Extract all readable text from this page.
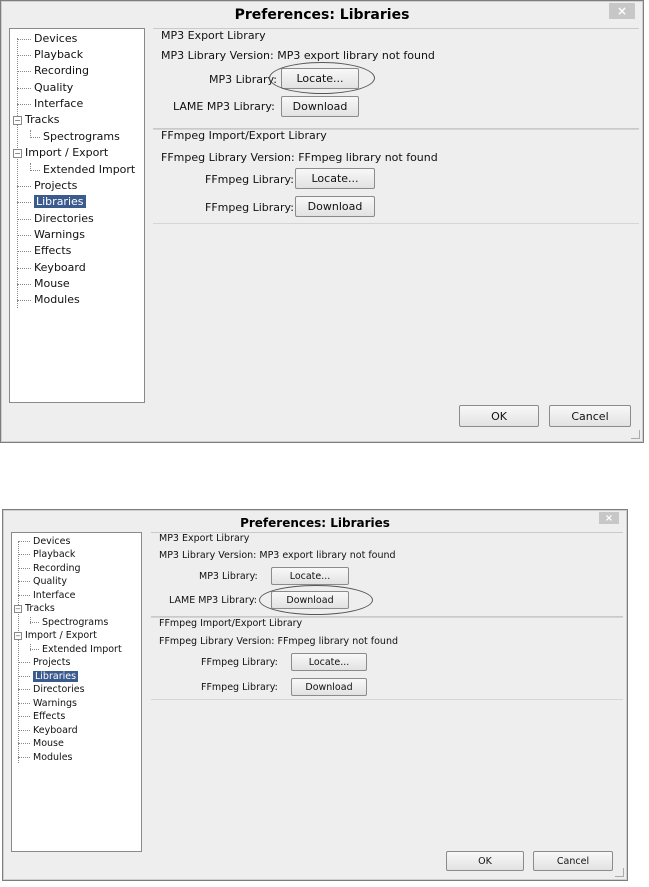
Preferences: Libraries	×
Devices
Playback
Recording
Quality
Interface
− Tracks
Spectrograms
− Import / Export
Extended Import
Projects
Libraries
Directories
Warnings
Effects
Keyboard
Mouse
Modules
MP3 Export Library
MP3 Library Version: MP3 export library not found
MP3 Library:	Locate...
LAME MP3 Library:	Download
FFmpeg Import/Export Library
FFmpeg Library Version: FFmpeg library not found
FFmpeg Library:	Locate...
FFmpeg Library:	Download
OK	Cancel
Preferences: Libraries	×
Devices
Playback
Recording
Quality
Interface
− Tracks
Spectrograms
− Import / Export
Extended Import
Projects
Libraries
Directories
Warnings
Effects
Keyboard
Mouse
Modules
MP3 Export Library
MP3 Library Version: MP3 export library not found
MP3 Library:	Locate...
LAME MP3 Library:	Download
FFmpeg Import/Export Library
FFmpeg Library Version: FFmpeg library not found
FFmpeg Library:	Locate...
FFmpeg Library:	Download
OK	Cancel
